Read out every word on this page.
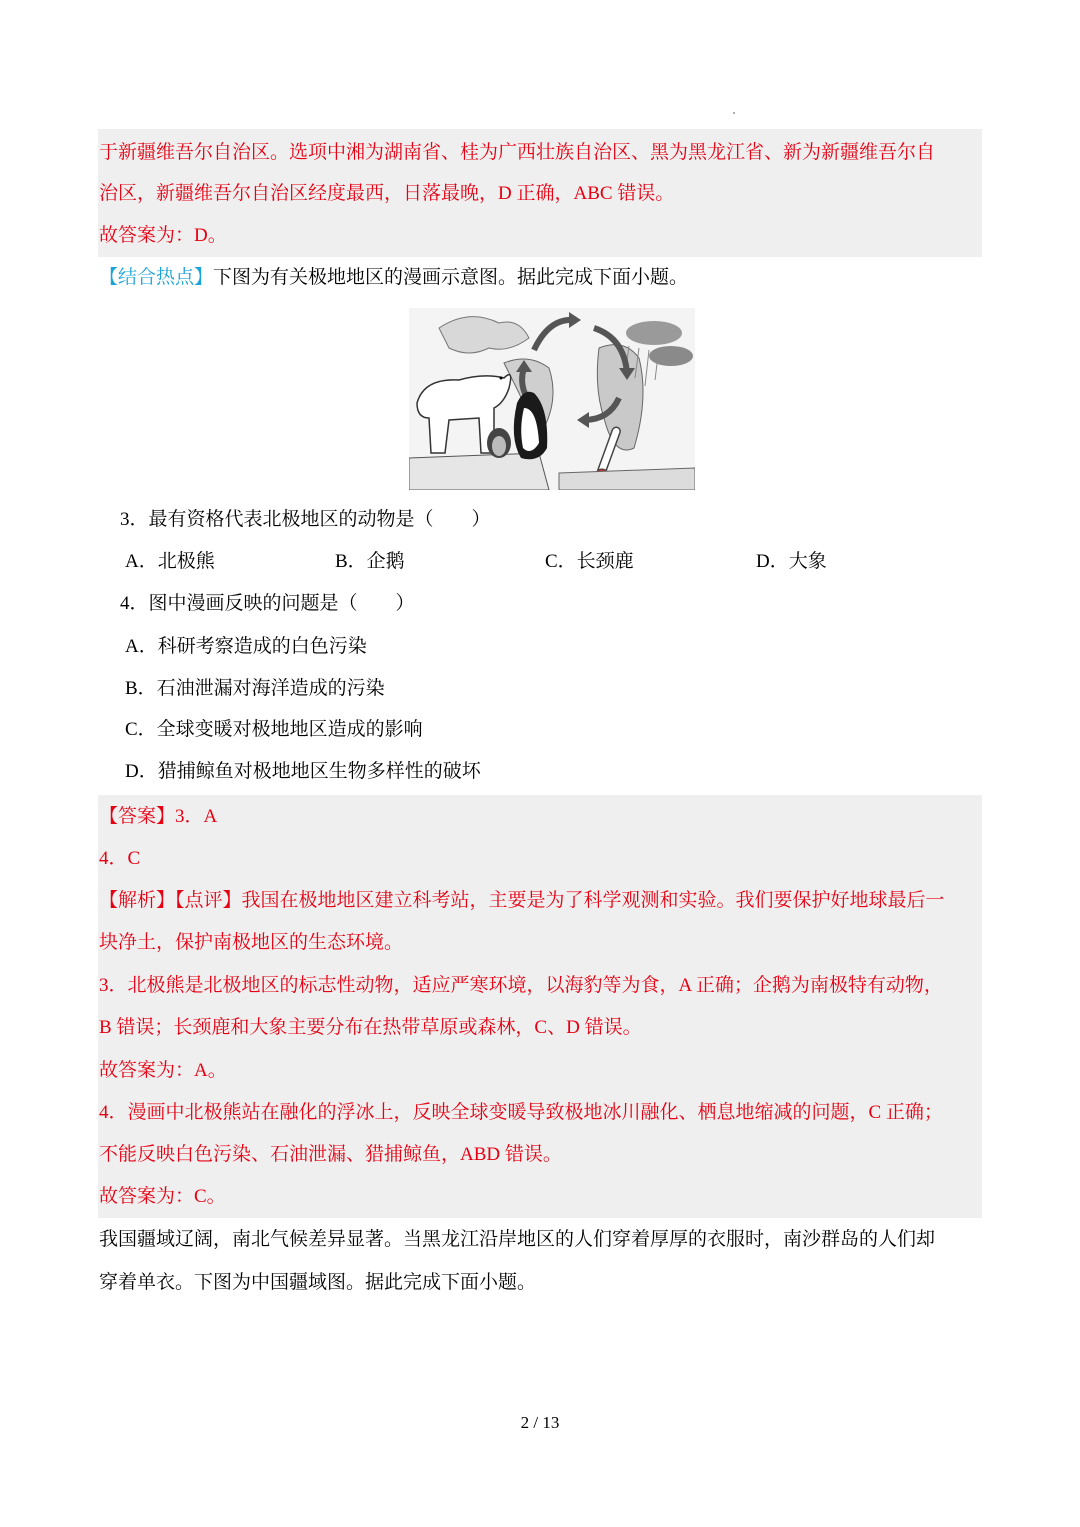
于新疆维吾尔自治区。选项中湘为湖南省、桂为广西壮族自治区、黑为黑龙江省、新为新疆维吾尔自
治区，新疆维吾尔自治区经度最西，日落最晚，D 正确，ABC 错误。
故答案为：D。
【结合热点】下图为有关极地地区的漫画示意图。据此完成下面小题。
3．最有资格代表北极地区的动物是（　　）
A．北极熊	B．企鹅	C．长颈鹿	D．大象
4．图中漫画反映的问题是（　　）
A．科研考察造成的白色污染
B．石油泄漏对海洋造成的污染
C．全球变暖对极地地区造成的影响
D．猎捕鲸鱼对极地地区生物多样性的破坏
【答案】3．A
4．C
【解析】【点评】我国在极地地区建立科考站，主要是为了科学观测和实验。我们要保护好地球最后一
块净土，保护南极地区的生态环境。
3．北极熊是北极地区的标志性动物，适应严寒环境，以海豹等为食，A 正确；企鹅为南极特有动物，
B 错误；长颈鹿和大象主要分布在热带草原或森林，C、D 错误。
故答案为：A。
4．漫画中北极熊站在融化的浮冰上，反映全球变暖导致极地冰川融化、栖息地缩减的问题，C 正确；
不能反映白色污染、石油泄漏、猎捕鲸鱼，ABD 错误。
故答案为：C。
我国疆域辽阔，南北气候差异显著。当黑龙江沿岸地区的人们穿着厚厚的衣服时，南沙群岛的人们却
穿着单衣。下图为中国疆域图。据此完成下面小题。
2 / 13
